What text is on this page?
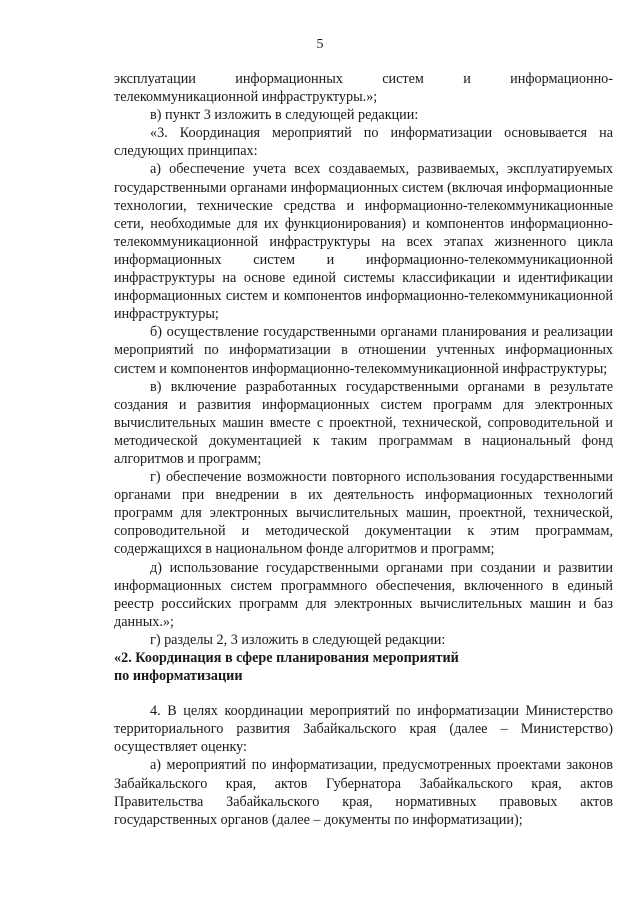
5

эксплуатации информационных систем и информационно-телекоммуникационной инфраструктуры.»;

в) пункт 3 изложить в следующей редакции:

«3. Координация мероприятий по информатизации основывается на следующих принципах:

а) обеспечение учета всех создаваемых, развиваемых, эксплуатируемых государственными органами информационных систем (включая информационные технологии, технические средства и информационно-телекоммуникационные сети, необходимые для их функционирования) и компонентов информационно-телекоммуникационной инфраструктуры на всех этапах жизненного цикла информационных систем и информационно-телекоммуникационной инфраструктуры на основе единой системы классификации и идентификации информационных систем и компонентов информационно-телекоммуникационной инфраструктуры;

б) осуществление государственными органами планирования и реализации мероприятий по информатизации в отношении учтенных информационных систем и компонентов информационно-телекоммуникационной инфраструктуры;

в) включение разработанных государственными органами в результате создания и развития информационных систем программ для электронных вычислительных машин вместе с проектной, технической, сопроводительной и методической документацией к таким программам в национальный фонд алгоритмов и программ;

г) обеспечение возможности повторного использования государственными органами при внедрении в их деятельность информационных технологий программ для электронных вычислительных машин, проектной, технической, сопроводительной и методической документации к этим программам, содержащихся в национальном фонде алгоритмов и программ;

д) использование государственными органами при создании и развитии информационных систем программного обеспечения, включенного в единый реестр российских программ для электронных вычислительных машин и баз данных.»;

г) разделы 2, 3 изложить в следующей редакции:

«2. Координация в сфере планирования мероприятий

по информатизации

4. В целях координации мероприятий по информатизации Министерство территориального развития Забайкальского края (далее – Министерство) осуществляет оценку:

а) мероприятий по информатизации, предусмотренных проектами законов Забайкальского края, актов Губернатора Забайкальского края, актов Правительства Забайкальского края, нормативных правовых актов государственных органов (далее – документы по информатизации);
